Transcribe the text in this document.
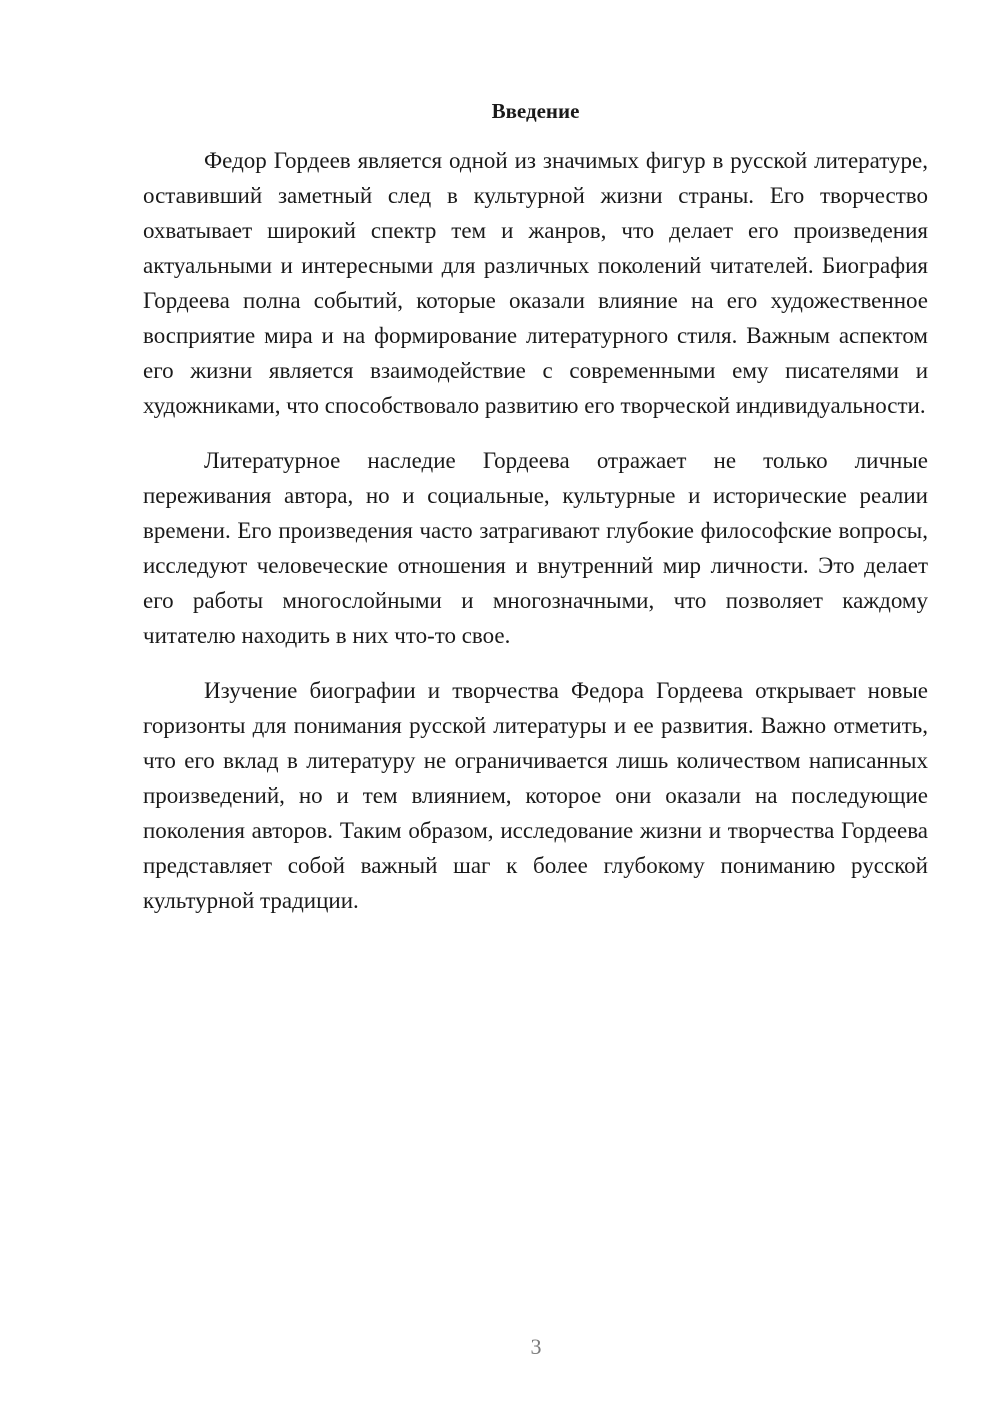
Введение

Федор Гордеев является одной из значимых фигур в русской литературе, оставивший заметный след в культурной жизни страны. Его творчество охватывает широкий спектр тем и жанров, что делает его произведения актуальными и интересными для различных поколений читателей. Биография Гордеева полна событий, которые оказали влияние на его художественное восприятие мира и на формирование литературного стиля. Важным аспектом его жизни является взаимодействие с современными ему писателями и художниками, что способствовало развитию его творческой индивидуальности.

Литературное наследие Гордеева отражает не только личные переживания автора, но и социальные, культурные и исторические реалии времени. Его произведения часто затрагивают глубокие философские вопросы, исследуют человеческие отношения и внутренний мир личности. Это делает его работы многослойными и многозначными, что позволяет каждому читателю находить в них что-то свое.

Изучение биографии и творчества Федора Гордеева открывает новые горизонты для понимания русской литературы и ее развития. Важно отметить, что его вклад в литературу не ограничивается лишь количеством написанных произведений, но и тем влиянием, которое они оказали на последующие поколения авторов. Таким образом, исследование жизни и творчества Гордеева представляет собой важный шаг к более глубокому пониманию русской культурной традиции.

3
